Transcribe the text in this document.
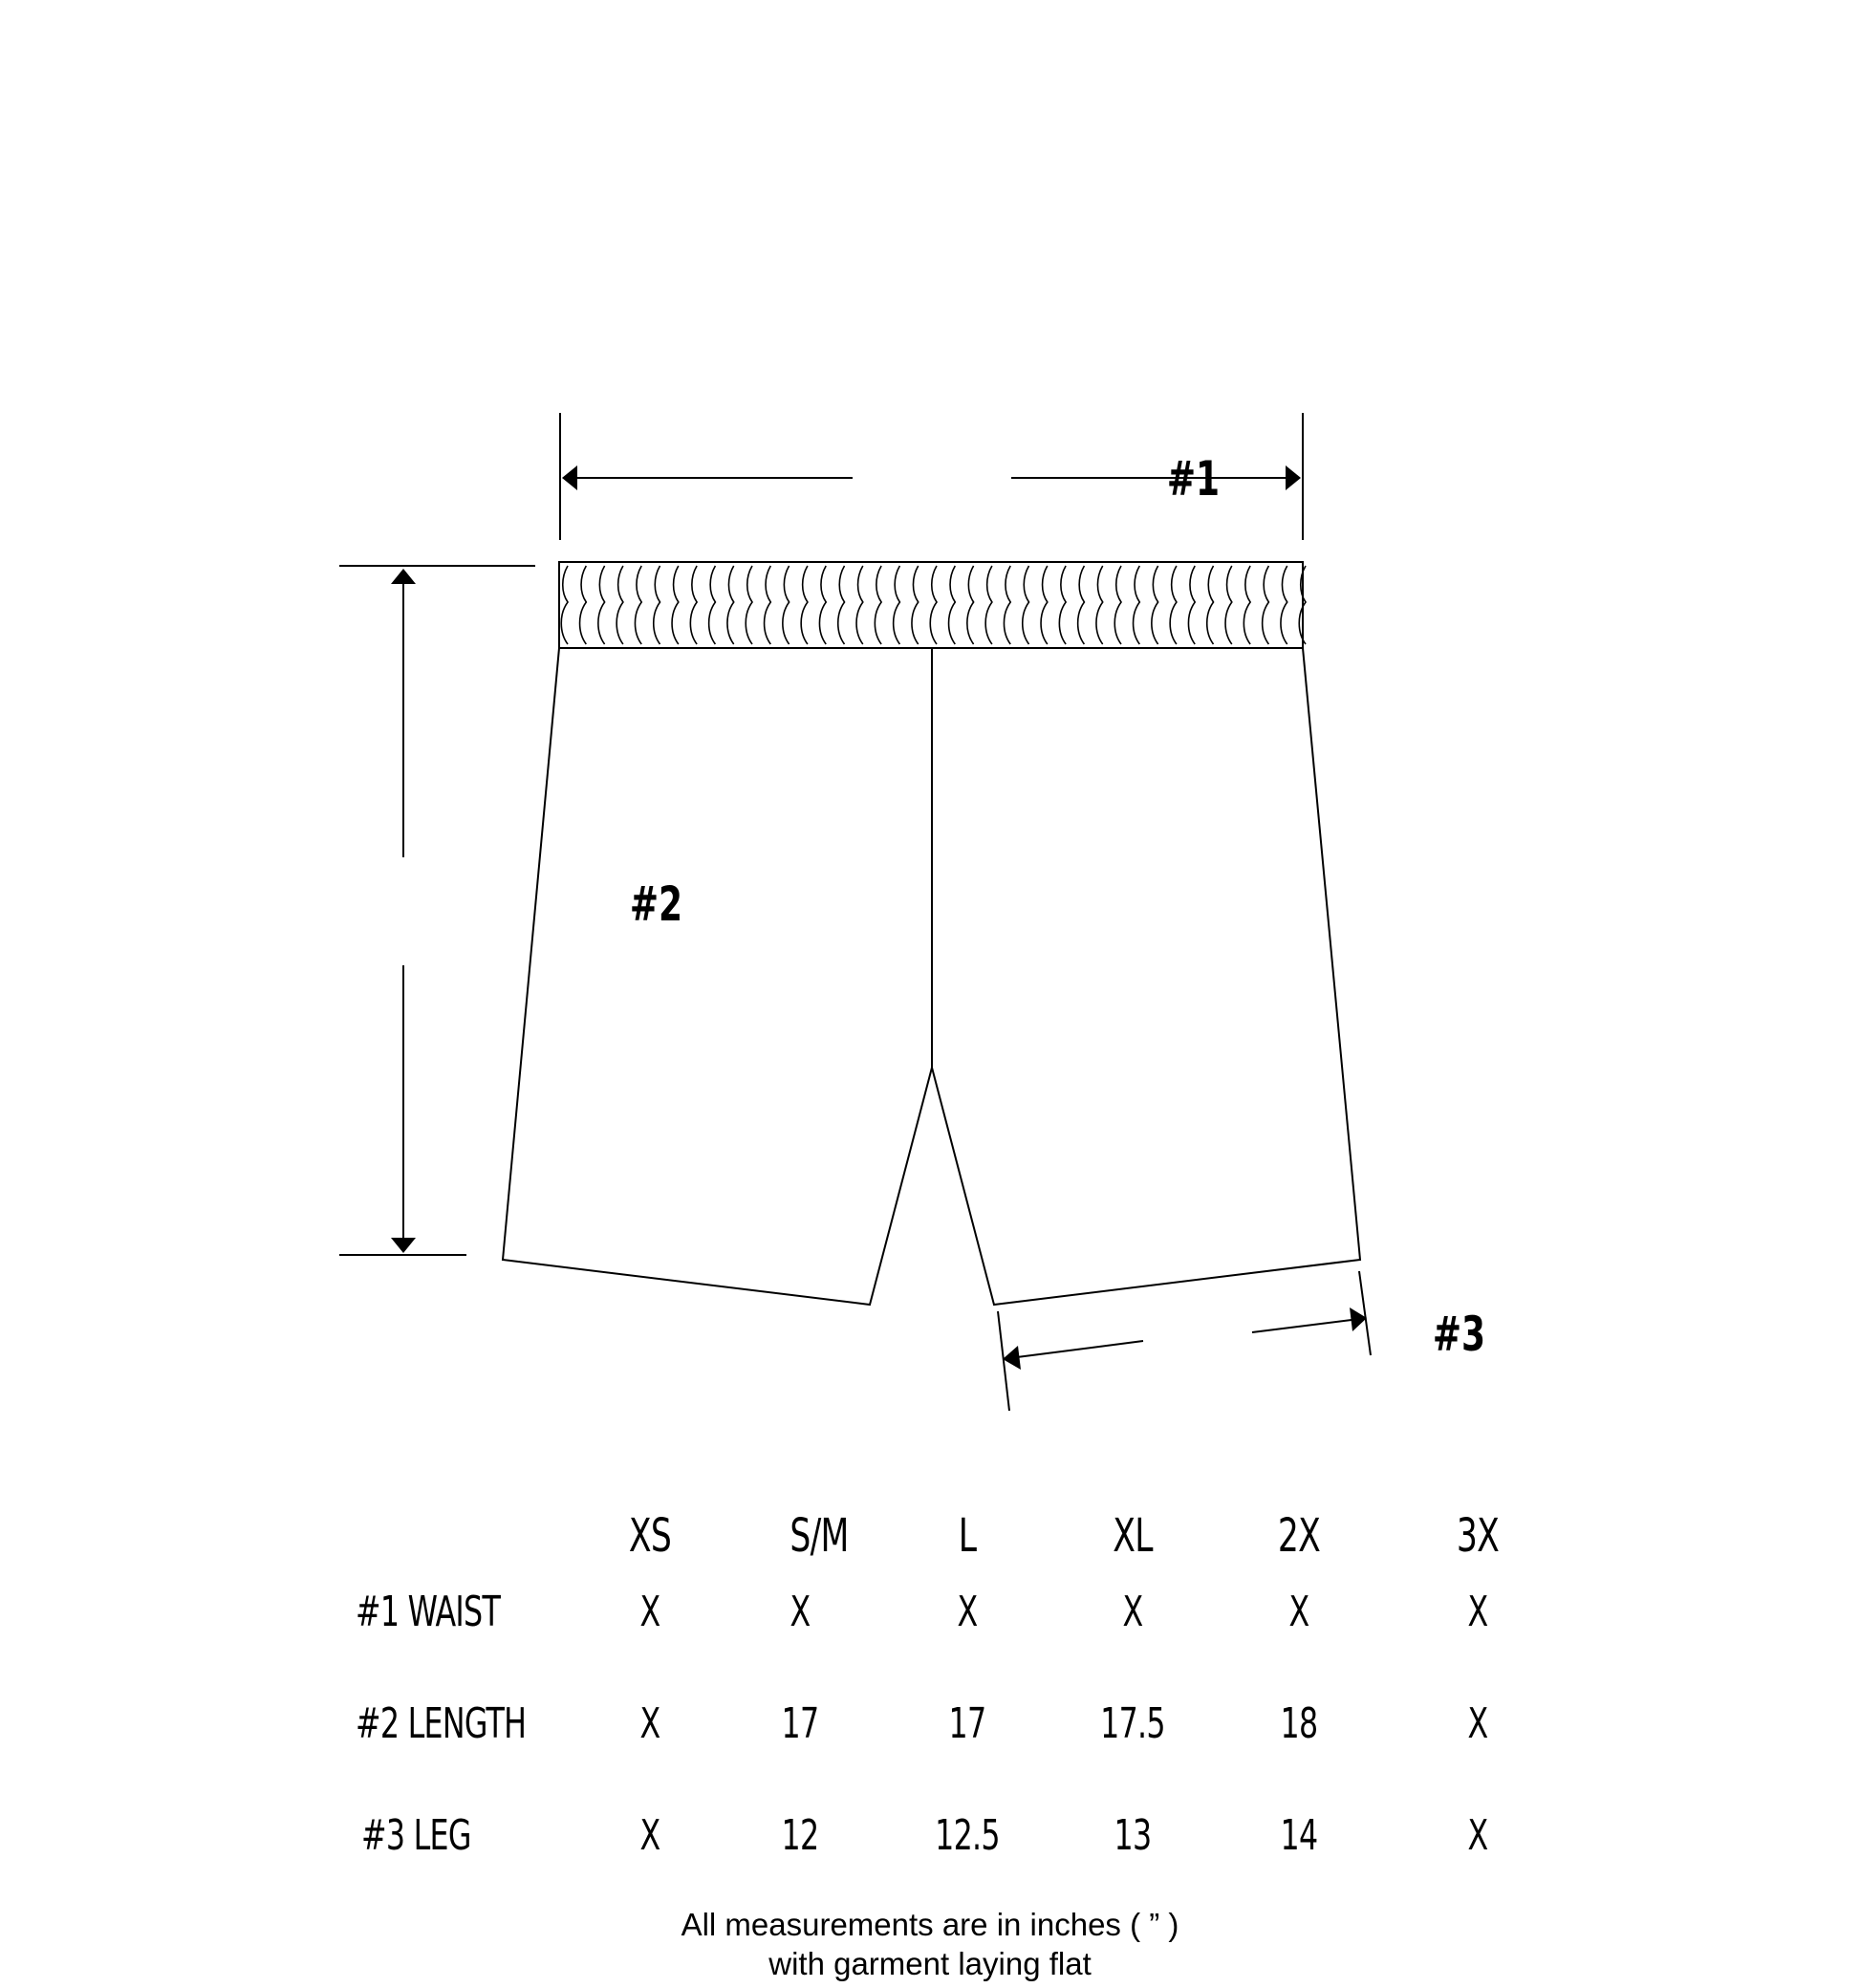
#1
#2
#3
XS	S/M	L	XL	2X	3X
#1 WAIST	X	X	X	X	X	X
#2 LENGTH	X	17	17	17.5	18	X
#3 LEG	X	12	12.5	13	14	X
All measurements are in inches ( ” )
with garment laying flat
